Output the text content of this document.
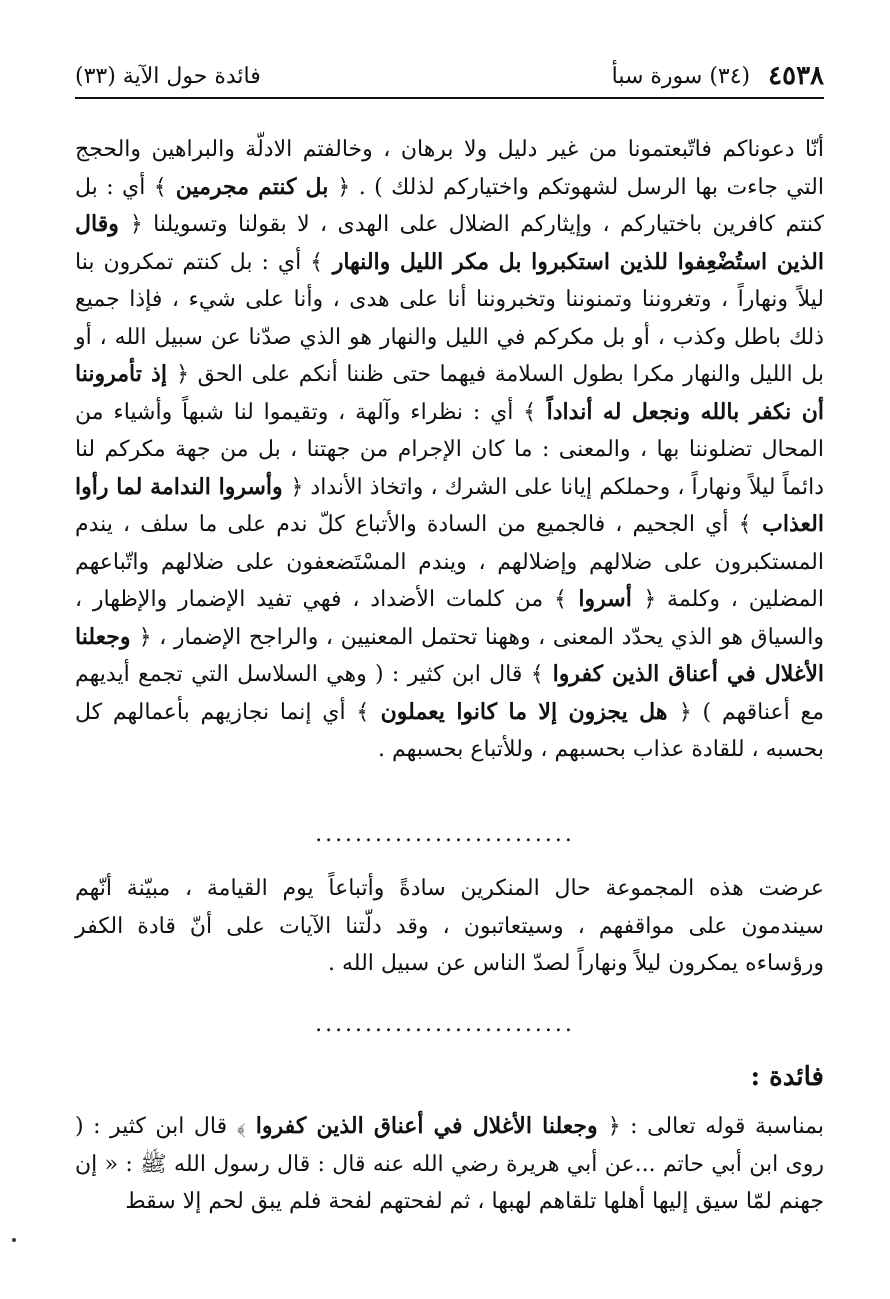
٤٥٣٨
(٣٤) سورة سبأ
فائدة حول الآية (٣٣)
أنّا دعوناكم فاتّبعتمونا من غير دليل ولا برهان ، وخالفتم الادلّة والبراهين والحجج التي جاءت بها الرسل لشهوتكم واختياركم لذلك ) . ﴿ بل كنتم مجرمين ﴾ أي : بل كنتم كافرين باختياركم ، وإيثاركم الضلال على الهدى ، لا بقولنا وتسويلنا ﴿ وقال الذين استُضْعِفوا للذين استكبروا بل مكر الليل والنهار ﴾ أي : بل كنتم تمكرون بنا ليلاً ونهاراً ، وتغروننا وتمنوننا وتخبروننا أنا على هدى ، وأنا على شيء ، فإذا جميع ذلك باطل وكذب ، أو بل مكركم في الليل والنهار هو الذي صدّنا عن سبيل الله ، أو بل الليل والنهار مكرا بطول السلامة فيهما حتى ظننا أنكم على الحق ﴿ إذ تأمروننا أن نكفر بالله ونجعل له أنداداً ﴾ أي : نظراء وآلهة ، وتقيموا لنا شبهاً وأشياء من المحال تضلوننا بها ، والمعنى : ما كان الإجرام من جهتنا ، بل من جهة مكركم لنا دائماً ليلاً ونهاراً ، وحملكم إيانا على الشرك ، واتخاذ الأنداد ﴿ وأسروا الندامة لما رأوا العذاب ﴾ أي الجحيم ، فالجميع من السادة والأتباع كلّ ندم على ما سلف ، يندم المستكبرون على ضلالهم وإضلالهم ، ويندم المسْتَضعفون على ضلالهم واتّباعهم المضلين ، وكلمة ﴿ أسروا ﴾ من كلمات الأضداد ، فهي تفيد الإضمار والإظهار ، والسياق هو الذي يحدّد المعنى ، وههنا تحتمل المعنيين ، والراجح الإضمار ، ﴿ وجعلنا الأغلال في أعناق الذين كفروا ﴾ قال ابن كثير : ( وهي السلاسل التي تجمع أيديهم مع أعناقهم ) ﴿ هل يجزون إلا ما كانوا يعملون ﴾ أي إنما نجازيهم بأعمالهم كل بحسبه ، للقادة عذاب بحسبهم ، وللأتباع بحسبهم .
..........................
عرضت هذه المجموعة حال المنكرين سادةً وأتباعاً يوم القيامة ، مبيّنة أنّهم سيندمون على مواقفهم ، وسيتعاتبون ، وقد دلّتنا الآيات على أنّ قادة الكفر ورؤساءه يمكرون ليلاً ونهاراً لصدّ الناس عن سبيل الله .
..........................
فائدة :
بمناسبة قوله تعالى : ﴿ وجعلنا الأغلال في أعناق الذين كفروا ﴾ قال ابن كثير : ( روى ابن أبي حاتم ...عن أبي هريرة رضي الله عنه قال : قال رسول الله ﷺ : « إن جهنم لمّا سيق إليها أهلها تلقاهم لهبها ، ثم لفحتهم لفحة فلم يبق لحم إلا سقط
